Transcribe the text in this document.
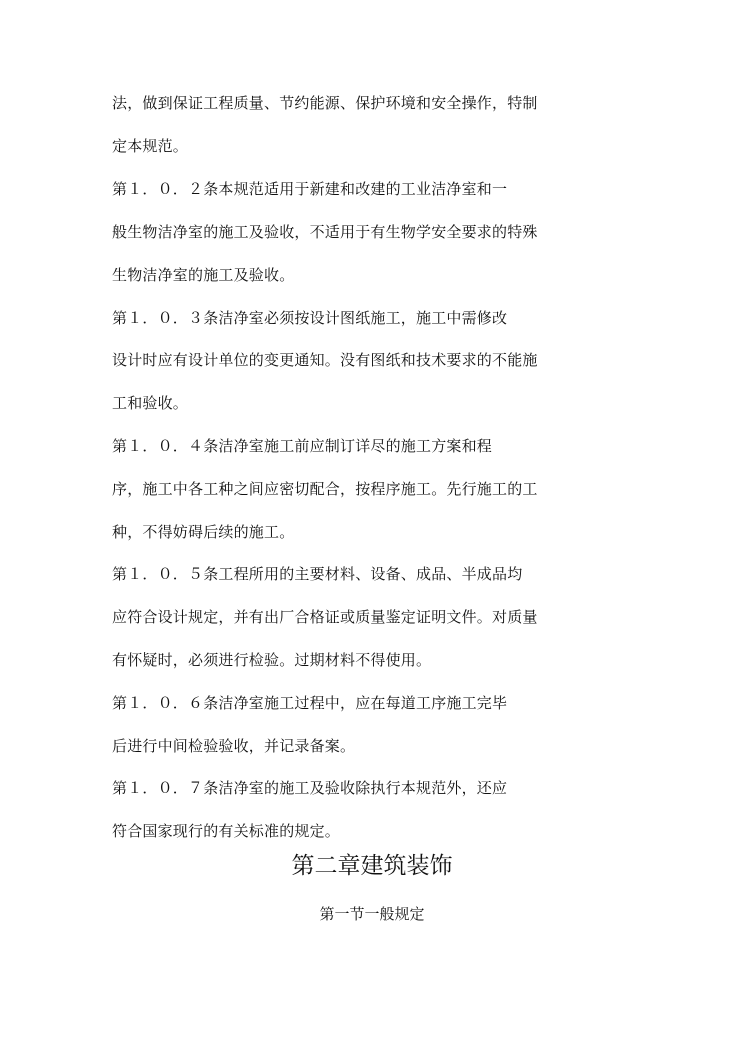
法，做到保证工程质量、节约能源、保护环境和安全操作，特制
定本规范。
第１．０．２条本规范适用于新建和改建的工业洁净室和一
般生物洁净室的施工及验收，不适用于有生物学安全要求的特殊
生物洁净室的施工及验收。
第１．０．３条洁净室必须按设计图纸施工，施工中需修改
设计时应有设计单位的变更通知。没有图纸和技术要求的不能施
工和验收。
第１．０．４条洁净室施工前应制订详尽的施工方案和程
序，施工中各工种之间应密切配合，按程序施工。先行施工的工
种，不得妨碍后续的施工。
第１．０．５条工程所用的主要材料、设备、成品、半成品均
应符合设计规定，并有出厂合格证或质量鉴定证明文件。对质量
有怀疑时，必须进行检验。过期材料不得使用。
第１．０．６条洁净室施工过程中，应在每道工序施工完毕
后进行中间检验验收，并记录备案。
第１．０．７条洁净室的施工及验收除执行本规范外，还应
符合国家现行的有关标准的规定。
第二章建筑装饰
第一节一般规定
